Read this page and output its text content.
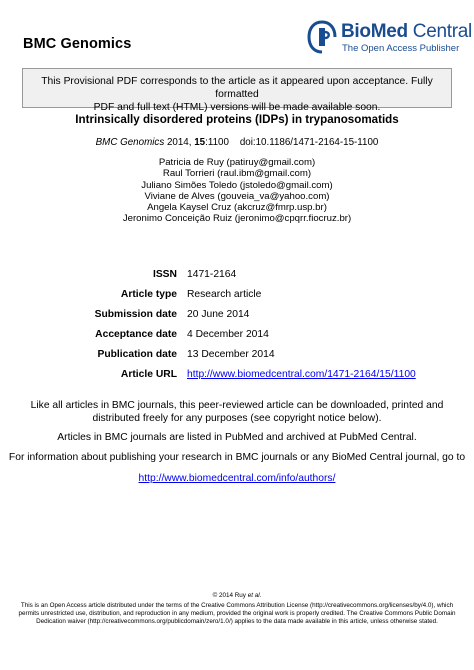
BMC Genomics
BioMed Central
The Open Access Publisher
This Provisional PDF corresponds to the article as it appeared upon acceptance. Fully formatted
PDF and full text (HTML) versions will be made available soon.
Intrinsically disordered proteins (IDPs) in trypanosomatids
BMC Genomics 2014, 15:1100 doi:10.1186/1471-2164-15-1100
Patricia de Ruy (patiruy@gmail.com)
Raul Torrieri (raul.ibm@gmail.com)
Juliano Simões Toledo (jstoledo@gmail.com)
Viviane de Alves (gouveia_va@yahoo.com)
Angela Kaysel Cruz (akcruz@fmrp.usp.br)
Jeronimo Conceição Ruiz (jeronimo@cpqrr.fiocruz.br)
ISSN 1471-2164
Article type Research article
Submission date 20 June 2014
Acceptance date 4 December 2014
Publication date 13 December 2014
Article URL http://www.biomedcentral.com/1471-2164/15/1100
Like all articles in BMC journals, this peer-reviewed article can be downloaded, printed and
distributed freely for any purposes (see copyright notice below).
Articles in BMC journals are listed in PubMed and archived at PubMed Central.
For information about publishing your research in BMC journals or any BioMed Central journal, go to
http://www.biomedcentral.com/info/authors/
© 2014 Ruy et al.
This is an Open Access article distributed under the terms of the Creative Commons Attribution License (http://creativecommons.org/licenses/by/4.0), which
permits unrestricted use, distribution, and reproduction in any medium, provided the original work is properly credited. The Creative Commons Public Domain
Dedication waiver (http://creativecommons.org/publicdomain/zero/1.0/) applies to the data made available in this article, unless otherwise stated.
